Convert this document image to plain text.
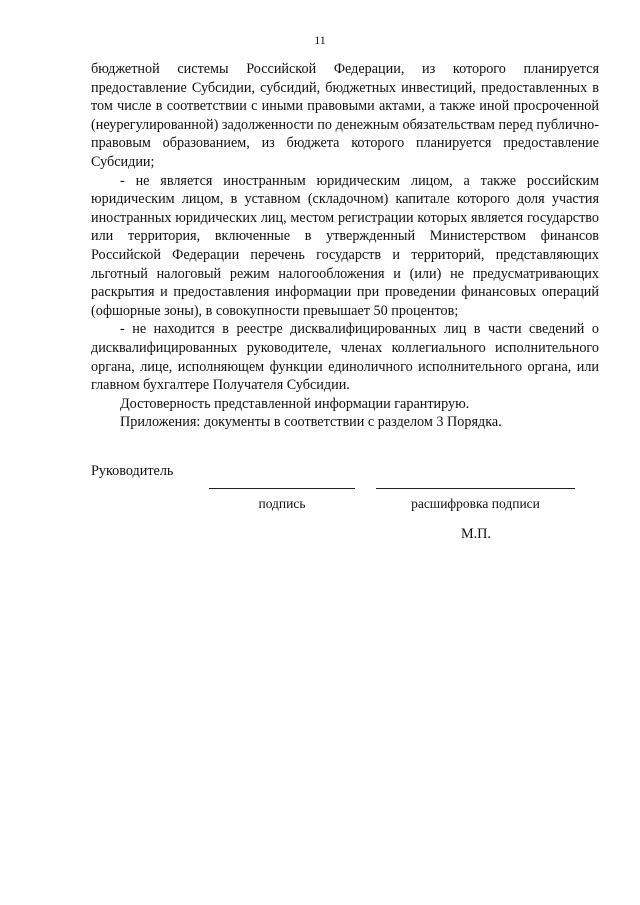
11

бюджетной системы Российской Федерации, из которого планируется предоставление Субсидии, субсидий, бюджетных инвестиций, предоставленных в том числе в соответствии с иными правовыми актами, а также иной просроченной (неурегулированной) задолженности по денежным обязательствам перед публично-правовым образованием, из бюджета которого планируется предоставление Субсидии;

- не является иностранным юридическим лицом, а также российским юридическим лицом, в уставном (складочном) капитале которого доля участия иностранных юридических лиц, местом регистрации которых является государство или территория, включенные в утвержденный Министерством финансов Российской Федерации перечень государств и территорий, представляющих льготный налоговый режим налогообложения и (или) не предусматривающих раскрытия и предоставления информации при проведении финансовых операций (офшорные зоны), в совокупности превышает 50 процентов;

- не находится в реестре дисквалифицированных лиц в части сведений о дисквалифицированных руководителе, членах коллегиального исполнительного органа, лице, исполняющем функции единоличного исполнительного органа, или главном бухгалтере Получателя Субсидии.

Достоверность представленной информации гарантирую.

Приложения: документы в соответствии с разделом 3 Порядка.

Руководитель
подпись	расшифровка подписи
М.П.
